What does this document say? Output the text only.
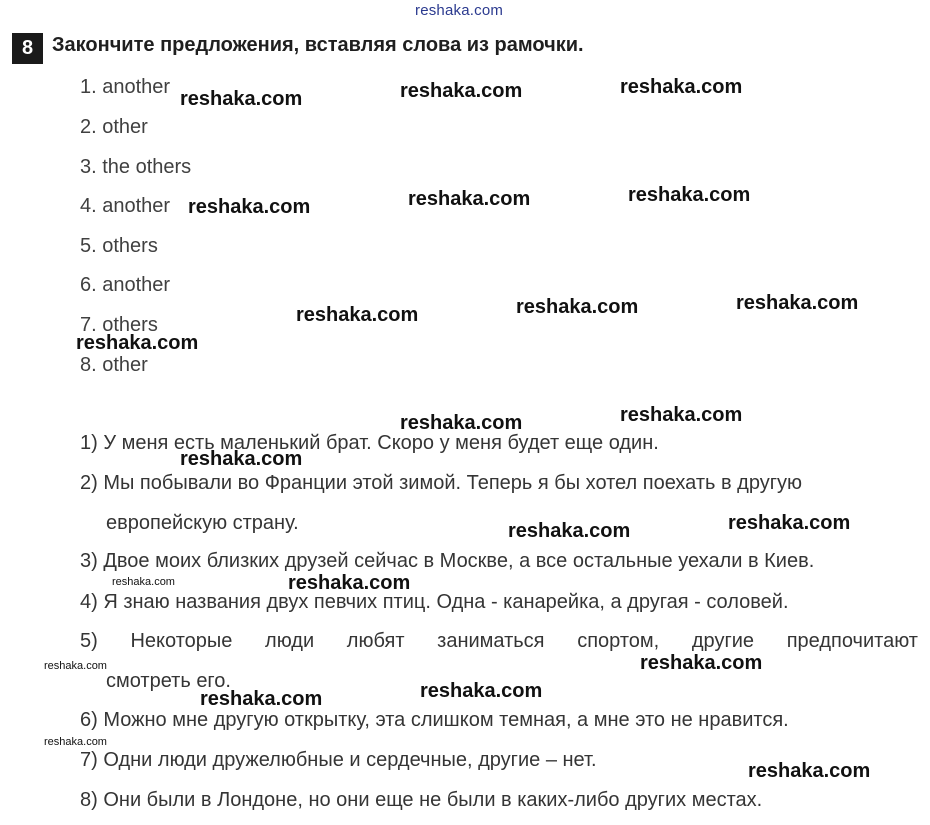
reshaka.com
8 Закончите предложения, вставляя слова из рамочки.
1. another
2. other
3. the others
4. another
5. others
6. another
7. others
8. other
1) У меня есть маленький брат. Скоро у меня будет еще один.
2) Мы побывали во Франции этой зимой. Теперь я бы хотел поехать в другую
европейскую страну.
3) Двое моих близких друзей сейчас в Москве, а все остальные уехали в Киев.
4) Я знаю названия двух певчих птиц. Одна - канарейка, а другая - соловей.
5) Некоторые люди любят заниматься спортом, другие предпочитают
смотреть его.
6) Можно мне другую открытку, эта слишком темная, а мне это не нравится.
7) Одни люди дружелюбные и сердечные, другие – нет.
8) Они были в Лондоне, но они еще не были в каких-либо других местах.
reshaka.com	reshaka.com	reshaka.com
reshaka.com	reshaka.com	reshaka.com
reshaka.com	reshaka.com	reshaka.com
reshaka.com
reshaka.com	reshaka.com
reshaka.com
reshaka.com	reshaka.com
reshaka.com	reshaka.com
reshaka.com
reshaka.com
reshaka.com	reshaka.com
reshaka.com
reshaka.com
